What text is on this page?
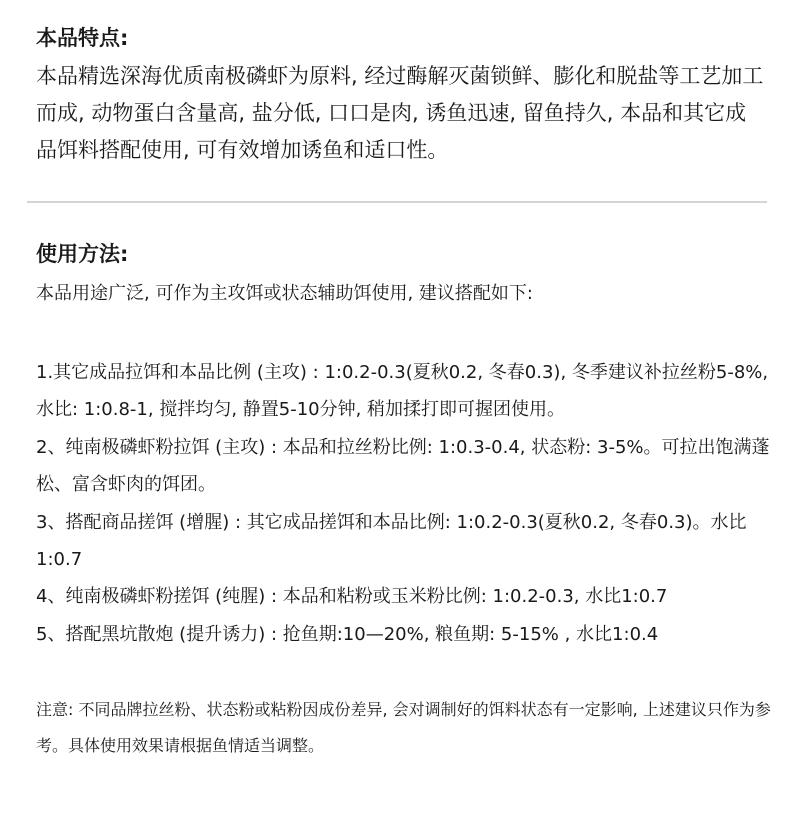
本品特点:

本品精选深海优质南极磷虾为原料, 经过酶解灭菌锁鲜、膨化和脱盐等工艺加工而成, 动物蛋白含量高, 盐分低, 口口是肉, 诱鱼迅速, 留鱼持久, 本品和其它成品饵料搭配使用, 可有效增加诱鱼和适口性。

使用方法:

本品用途广泛, 可作为主攻饵或状态辅助饵使用, 建议搭配如下:

1.其它成品拉饵和本品比例 (主攻) : 1:0.2-0.3(夏秋0.2, 冬春0.3), 冬季建议补拉丝粉5-8%, 水比: 1:0.8-1, 搅拌均匀, 静置5-10分钟, 稍加揉打即可握团使用。
2、纯南极磷虾粉拉饵 (主攻) : 本品和拉丝粉比例: 1:0.3-0.4, 状态粉: 3-5%。可拉出饱满蓬松、富含虾肉的饵团。
3、搭配商品搓饵 (增腥) : 其它成品搓饵和本品比例: 1:0.2-0.3(夏秋0.2, 冬春0.3)。水比1:0.7
4、纯南极磷虾粉搓饵 (纯腥) : 本品和粘粉或玉米粉比例: 1:0.2-0.3, 水比1:0.7
5、搭配黑坑散炮 (提升诱力) : 抢鱼期:10—20%, 粮鱼期: 5-15% , 水比1:0.4

注意: 不同品牌拉丝粉、状态粉或粘粉因成份差异, 会对调制好的饵料状态有一定影响, 上述建议只作为参考。具体使用效果请根据鱼情适当调整。
